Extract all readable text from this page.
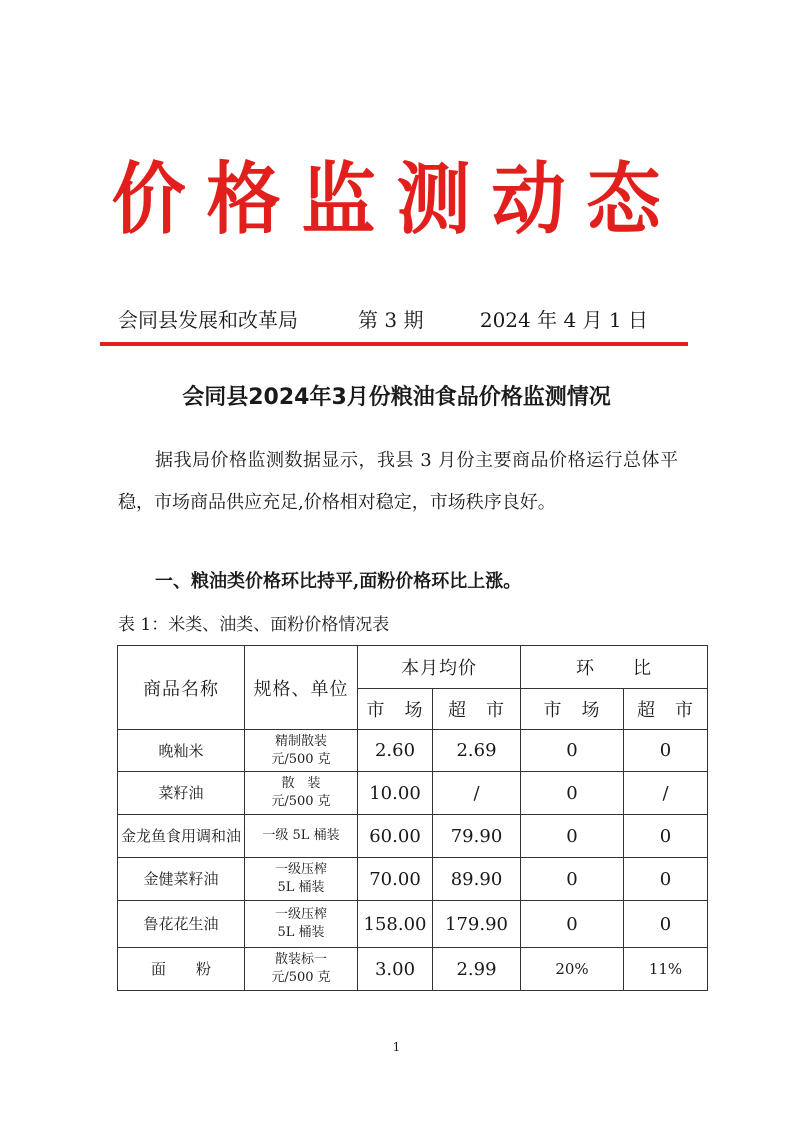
价格监测动态
会同县发展和改革局	第 3 期	2024 年 4 月 1 日
会同县2024年3月份粮油食品价格监测情况

据我局价格监测数据显示，我县 3 月份主要商品价格运行总体平稳，市场商品供应充足,价格相对稳定，市场秩序良好。

一、粮油类价格环比持平,面粉价格环比上涨。
表 1：米类、油类、面粉价格情况表
商品名称	规格、单位	本月均价		环　　比	
		市　场	超　市	市　场	超　市
晚籼米	精制散装
元/500 克	2.60	2.69	0	0
菜籽油	散　装
元/500 克	10.00	/	0	/
金龙鱼食用调和油	一级 5L 桶装	60.00	79.90	0	0
金健菜籽油	一级压榨
5L 桶装	70.00	89.90	0	0
鲁花花生油	一级压榨
5L 桶装	158.00	179.90	0	0
面　　粉	散装标一
元/500 克	3.00	2.99	20%	11%
1
